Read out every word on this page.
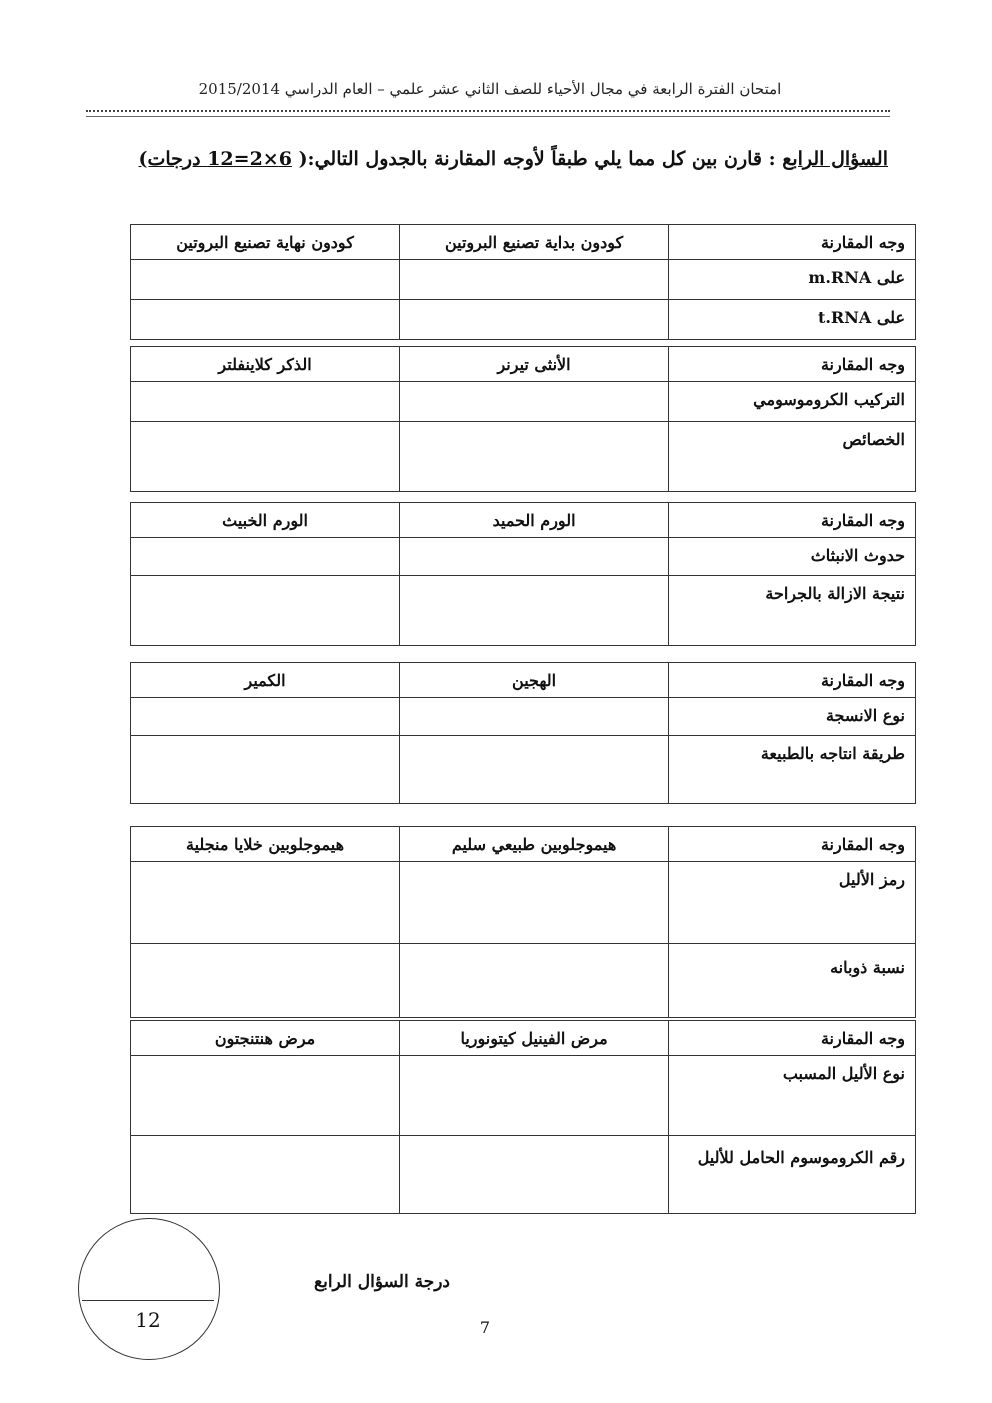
امتحان الفترة الرابعة في مجال الأحياء للصف الثاني عشر علمي – العام الدراسي 2015/2014
السؤال الرابع : قارن بين كل مما يلي طبقاً لأوجه المقارنة بالجدول التالي:( 6×2=12 درجات)
وجه المقارنة	كودون بداية تصنيع البروتين	كودون نهاية تصنيع البروتين
على m.RNA		
على t.RNA		
وجه المقارنة	الأنثى تيرنر	الذكر كلاينفلتر
التركيب الكروموسومي		
الخصائص		
وجه المقارنة	الورم الحميد	الورم الخبيث
حدوث الانبثاث		
نتيجة الازالة بالجراحة		
وجه المقارنة	الهجين	الكمير
نوع الانسجة		
طريقة انتاجه بالطبيعة		
وجه المقارنة	هيموجلوبين طبيعي سليم	هيموجلوبين خلايا منجلية
رمز الأليل		
نسبة ذوبانه		
وجه المقارنة	مرض الفينيل كيتونوريا	مرض هنتنجتون
نوع الأليل المسبب		
رقم الكروموسوم الحامل للأليل		
12
درجة السؤال الرابع
7
